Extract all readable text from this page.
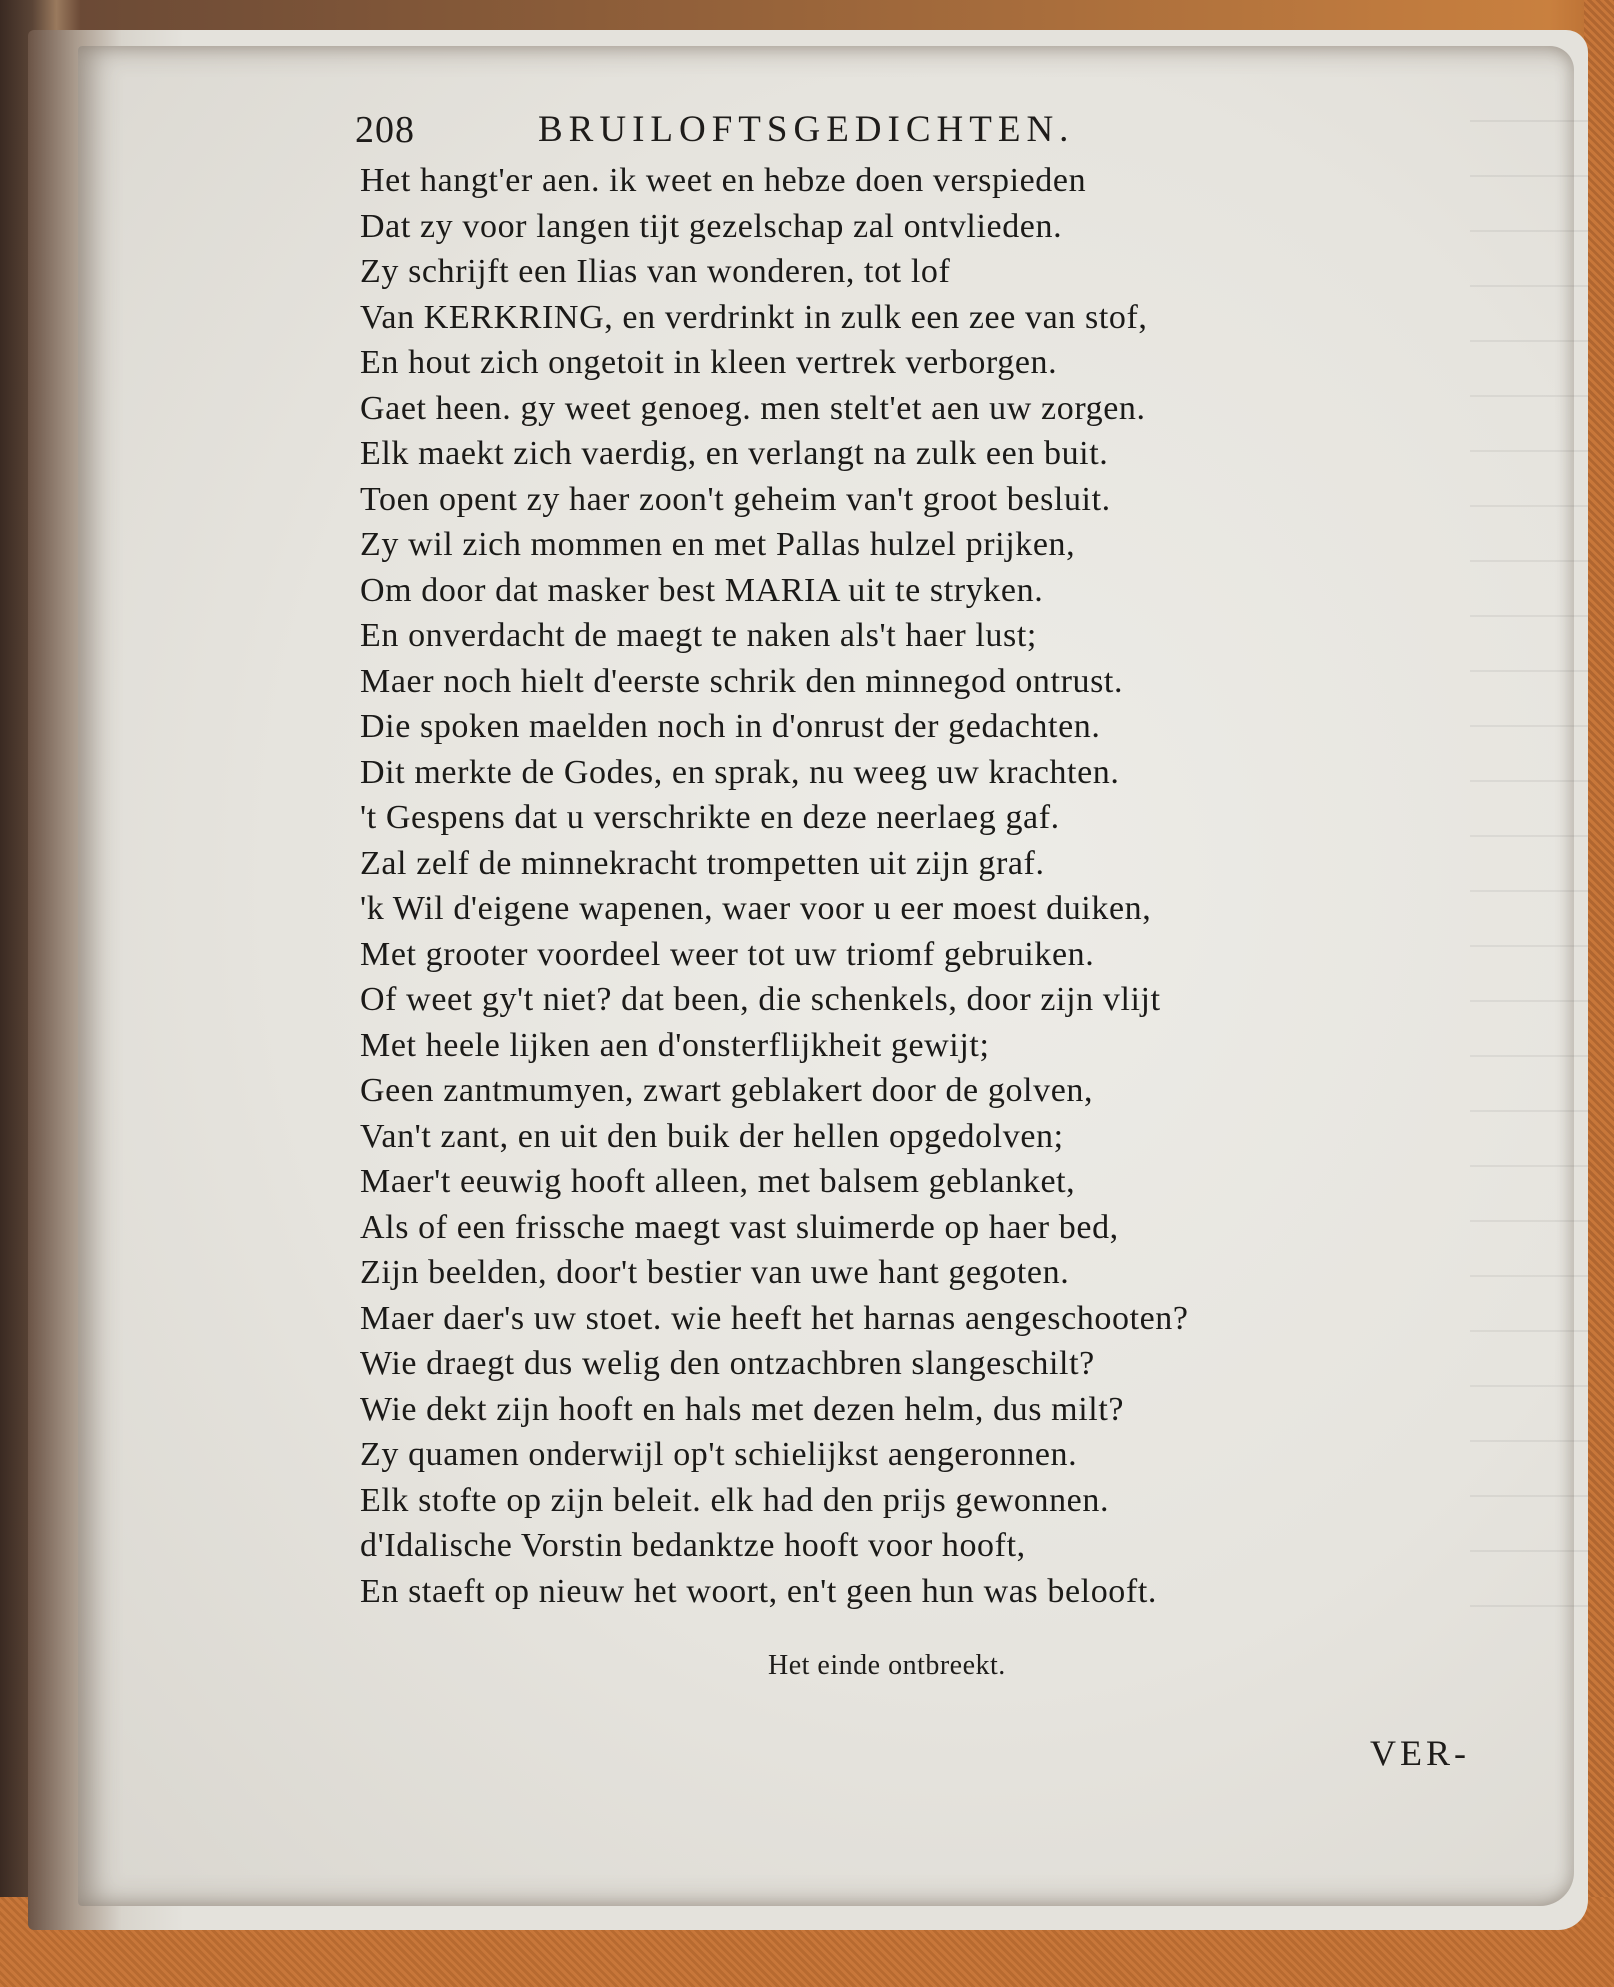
208	BRUILOFTSGEDICHTEN.
Het hangt'er aen. ik weet en hebze doen verspieden
Dat zy voor langen tijt gezelschap zal ontvlieden.
Zy schrijft een Ilias van wonderen, tot lof
Van KERKRING, en verdrinkt in zulk een zee van stof,
En hout zich ongetoit in kleen vertrek verborgen.
Gaet heen. gy weet genoeg. men stelt'et aen uw zorgen.
Elk maekt zich vaerdig, en verlangt na zulk een buit.
Toen opent zy haer zoon't geheim van't groot besluit.
Zy wil zich mommen en met Pallas hulzel prijken,
Om door dat masker best MARIA uit te stryken.
En onverdacht de maegt te naken als't haer lust;
Maer noch hielt d'eerste schrik den minnegod ontrust.
Die spoken maelden noch in d'onrust der gedachten.
Dit merkte de Godes, en sprak, nu weeg uw krachten.
't Gespens dat u verschrikte en deze neerlaeg gaf.
Zal zelf de minnekracht trompetten uit zijn graf.
'k Wil d'eigene wapenen, waer voor u eer moest duiken,
Met grooter voordeel weer tot uw triomf gebruiken.
Of weet gy't niet? dat been, die schenkels, door zijn vlijt
Met heele lijken aen d'onsterflijkheit gewijt;
Geen zantmumyen, zwart geblakert door de golven,
Van't zant, en uit den buik der hellen opgedolven;
Maer't eeuwig hooft alleen, met balsem geblanket,
Als of een frissche maegt vast sluimerde op haer bed,
Zijn beelden, door't bestier van uwe hant gegoten.
Maer daer's uw stoet. wie heeft het harnas aengeschooten?
Wie draegt dus welig den ontzachbren slangeschilt?
Wie dekt zijn hooft en hals met dezen helm, dus milt?
Zy quamen onderwijl op't schielijkst aengeronnen.
Elk stofte op zijn beleit. elk had den prijs gewonnen.
d'Idalische Vorstin bedanktze hooft voor hooft,
En staeft op nieuw het woort, en't geen hun was belooft.
Het einde ontbreekt.
VER-
